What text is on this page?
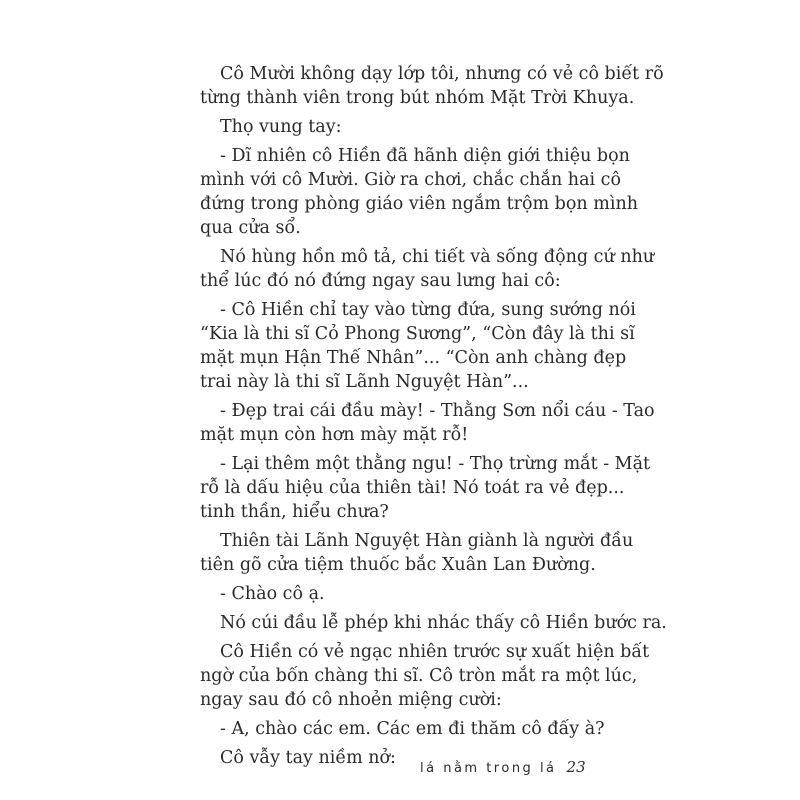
Cô Mười không dạy lớp tôi, nhưng có vẻ cô biết rõ
từng thành viên trong bút nhóm Mặt Trời Khuya.

Thọ vung tay:

- Dĩ nhiên cô Hiền đã hãnh diện giới thiệu bọn
mình với cô Mười. Giờ ra chơi, chắc chắn hai cô
đứng trong phòng giáo viên ngắm trộm bọn mình
qua cửa sổ.

Nó hùng hồn mô tả, chi tiết và sống động cứ như
thể lúc đó nó đứng ngay sau lưng hai cô:

- Cô Hiền chỉ tay vào từng đứa, sung sướng nói
“Kia là thi sĩ Cỏ Phong Sương”, “Còn đây là thi sĩ
mặt mụn Hận Thế Nhân”... “Còn anh chàng đẹp
trai này là thi sĩ Lãnh Nguyệt Hàn”...

- Đẹp trai cái đầu mày! - Thằng Sơn nổi cáu - Tao
mặt mụn còn hơn mày mặt rỗ!

- Lại thêm một thằng ngu! - Thọ trừng mắt - Mặt
rỗ là dấu hiệu của thiên tài! Nó toát ra vẻ đẹp...
tinh thần, hiểu chưa?

Thiên tài Lãnh Nguyệt Hàn giành là người đầu
tiên gõ cửa tiệm thuốc bắc Xuân Lan Đường.

- Chào cô ạ.

Nó cúi đầu lễ phép khi nhác thấy cô Hiền bước ra.

Cô Hiền có vẻ ngạc nhiên trước sự xuất hiện bất
ngờ của bốn chàng thi sĩ. Cô tròn mắt ra một lúc,
ngay sau đó cô nhoẻn miệng cười:

- A, chào các em. Các em đi thăm cô đấy à?

Cô vẫy tay niềm nở:

lá nằm trong lá 23
